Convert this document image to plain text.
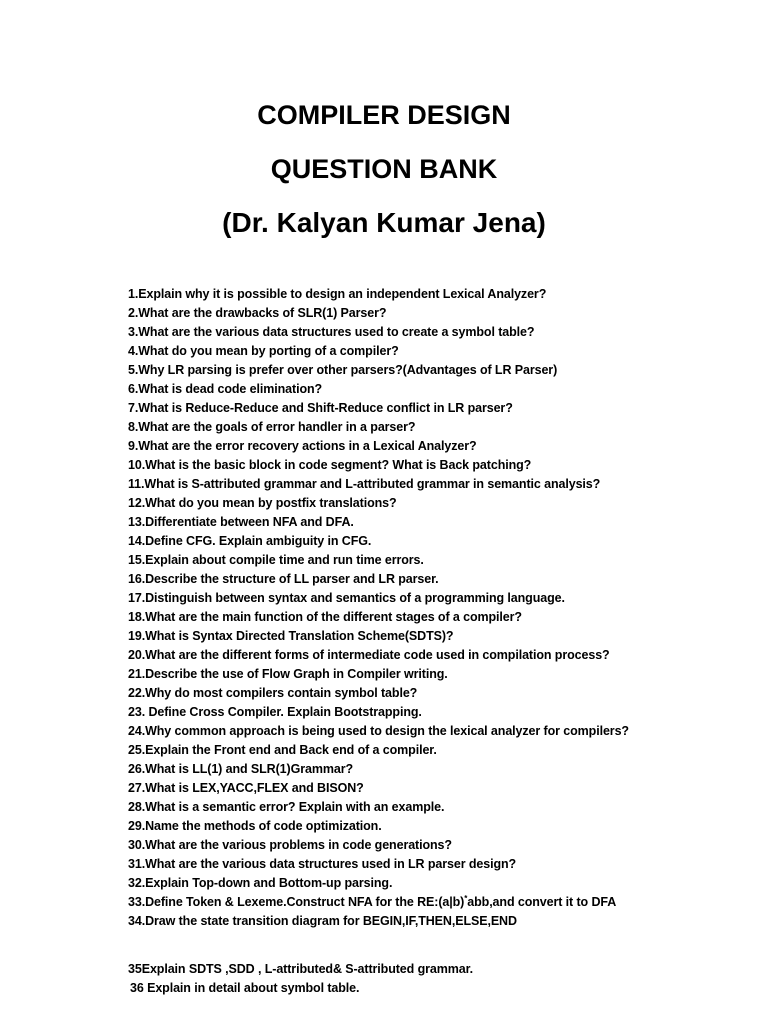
COMPILER DESIGN
QUESTION BANK
(Dr. Kalyan Kumar Jena)
1.Explain why it is possible to design an independent Lexical Analyzer?
2.What are the drawbacks of SLR(1) Parser?
3.What are the various data structures used to create a symbol table?
4.What do you mean by porting of a compiler?
5.Why LR parsing is prefer over other parsers?(Advantages of LR Parser)
6.What is dead code elimination?
7.What is Reduce-Reduce and Shift-Reduce conflict in LR parser?
8.What are the goals of error handler in a parser?
9.What are the error recovery actions in a Lexical Analyzer?
10.What is the basic block in code segment? What is Back patching?
11.What is S-attributed grammar and L-attributed grammar in semantic analysis?
12.What do you mean by postfix translations?
13.Differentiate between NFA and DFA.
14.Define CFG. Explain ambiguity in CFG.
15.Explain about compile time and run time errors.
16.Describe the structure of LL parser and LR parser.
17.Distinguish between syntax and semantics of a programming language.
18.What are the main function of the different stages of a compiler?
19.What is Syntax Directed Translation Scheme(SDTS)?
20.What are the different forms of intermediate code used in compilation process?
21.Describe the use of Flow Graph in Compiler writing.
22.Why do most compilers contain symbol table?
23. Define Cross Compiler. Explain Bootstrapping.
24.Why common approach is being used to design the lexical analyzer for compilers?
25.Explain the Front end and Back end of a compiler.
26.What is LL(1) and SLR(1)Grammar?
27.What is LEX,YACC,FLEX and BISON?
28.What is a semantic error? Explain with an example.
29.Name the methods of code optimization.
30.What are the various problems in code generations?
31.What are the various data structures used in LR parser design?
32.Explain Top-down and Bottom-up parsing.
33.Define Token & Lexeme.Construct NFA for the RE:(a|b)*abb,and convert it to DFA
34.Draw the state transition diagram for BEGIN,IF,THEN,ELSE,END
35Explain SDTS ,SDD , L-attributed& S-attributed grammar.
36 Explain in detail about symbol table.
